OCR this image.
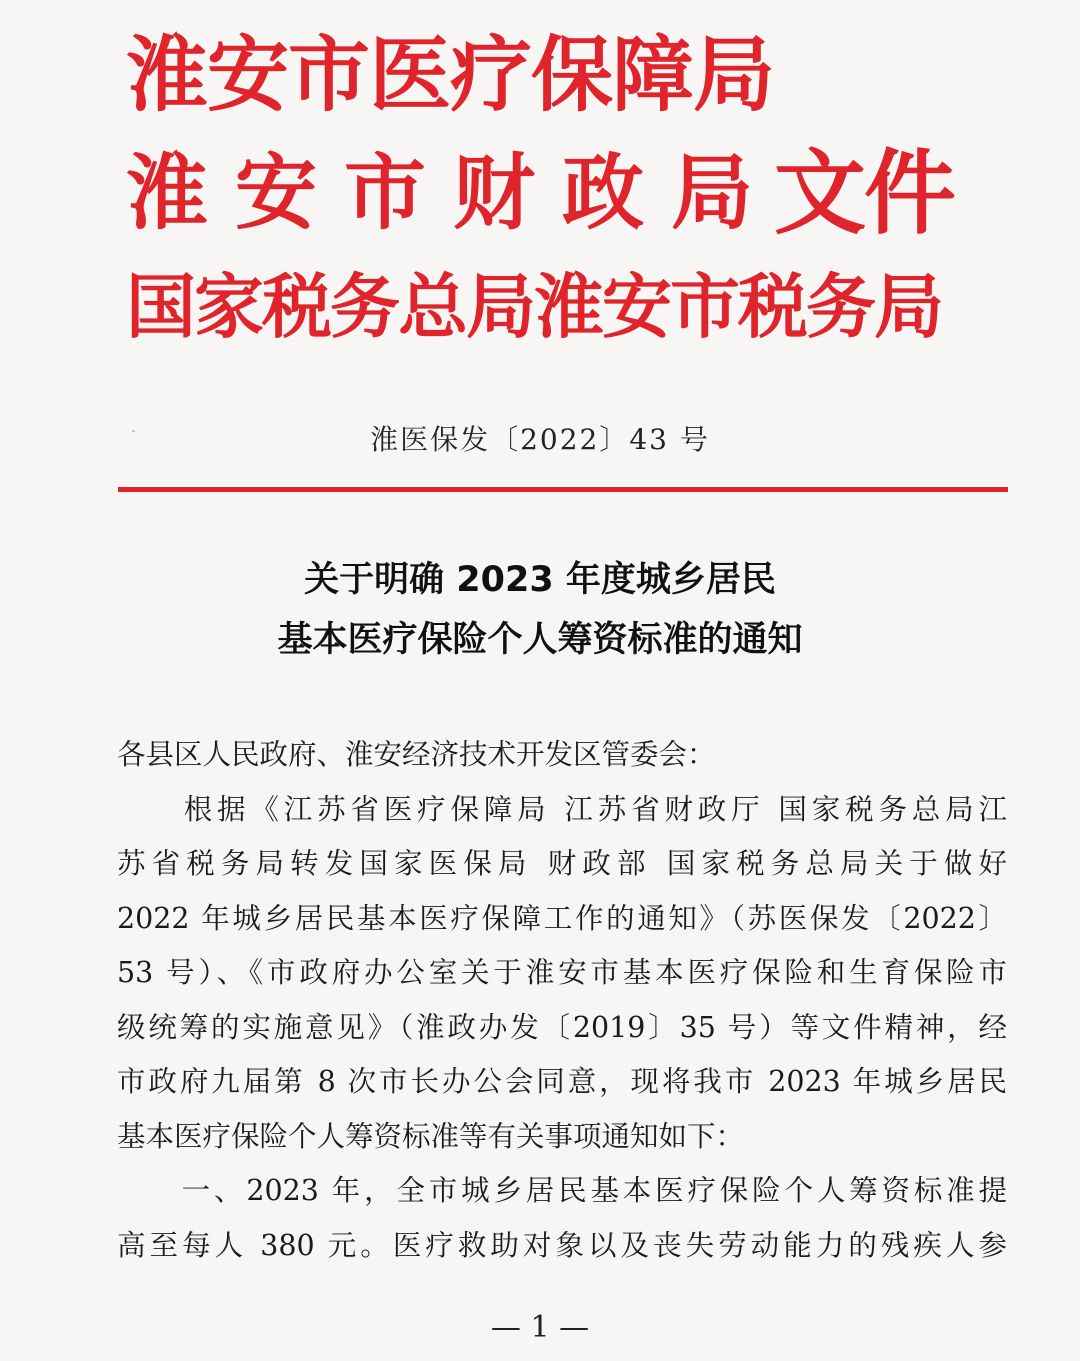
淮安市医疗保障局
淮安市财政局
文件
国家税务总局淮安市税务局
淮医保发〔2022〕43 号
关于明确 2023 年度城乡居民
基本医疗保险个人筹资标准的通知
各县区人民政府、淮安经济技术开发区管委会：
　　根据《江苏省医疗保障局 江苏省财政厅 国家税务总局江
苏省税务局转发国家医保局 财政部 国家税务总局关于做好
2022 年城乡居民基本医疗保障工作的通知》（苏医保发〔2022〕
53 号）、《市政府办公室关于淮安市基本医疗保险和生育保险市
级统筹的实施意见》（淮政办发〔2019〕35 号）等文件精神，经
市政府九届第 8 次市长办公会同意，现将我市 2023 年城乡居民
基本医疗保险个人筹资标准等有关事项通知如下：
　　一、2023 年，全市城乡居民基本医疗保险个人筹资标准提
高至每人 380 元。医疗救助对象以及丧失劳动能力的残疾人参
— 1 —
